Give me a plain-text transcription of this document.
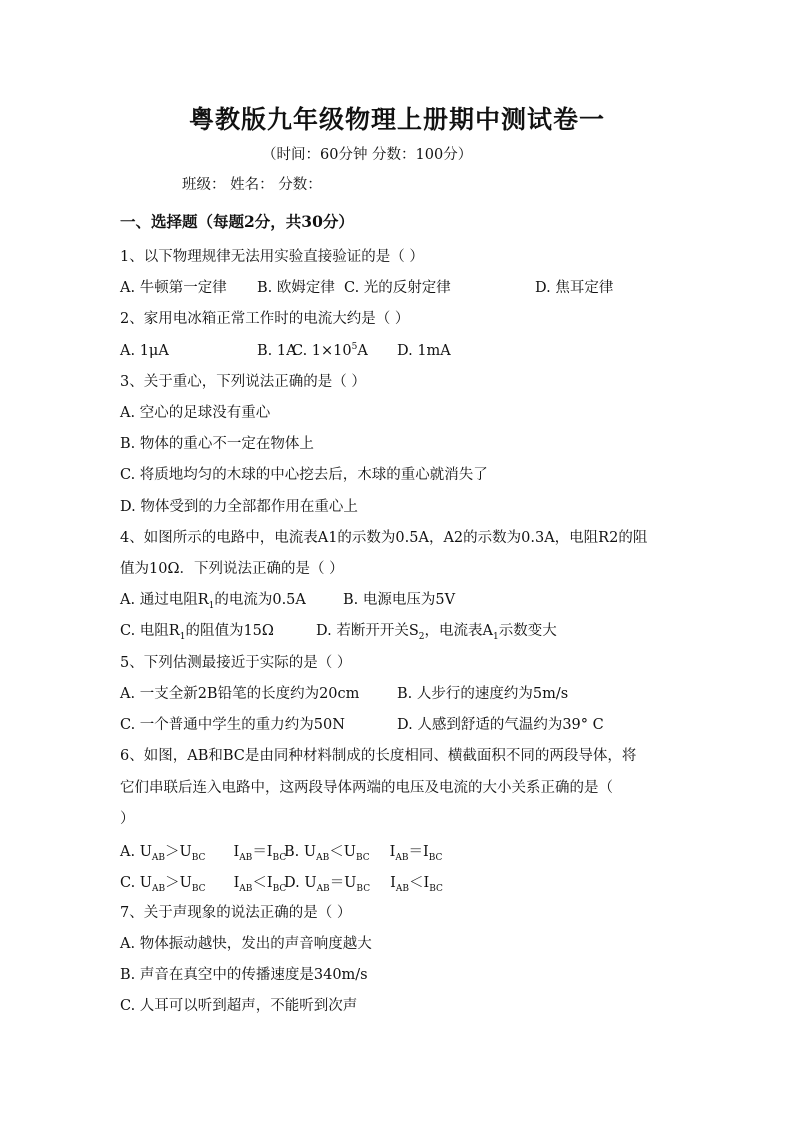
粤教版九年级物理上册期中测试卷一
（时间：60分钟 分数：100分）
班级： 姓名： 分数：
一、选择题（每题2分，共30分）
1、以下物理规律无法用实验直接验证的是（ ）
A. 牛顿第一定律 B. 欧姆定律 C. 光的反射定律	D. 焦耳定律
2、家用电冰箱正常工作时的电流大约是（ ）
A. 1μA	B. 1A
C. $1\times 10^5A$ D. 1mA
3、关于重心，下列说法正确的是（ ）
A. 空心的足球没有重心
B. 物体的重心不一定在物体上
C. 将质地均匀的木球的中心挖去后，木球的重心就消失了
D. 物体受到的力全部都作用在重心上
4、如图所示的电路中，电流表A1的示数为0.5A，A2的示数为0.3A，电阻R2的阻
值为10Ω．下列说法正确的是（ ）
A. 通过电阻$R_1$的电流为0.5A	B. 电源电压为5V
C. 电阻$R_1$的阻值为15Ω	D. 若断开开关$S_2$，电流表$A_1$示数变大
5、下列估测最接近于实际的是（ ）
A. 一支全新2B铅笔的长度约为20cm	B. 人步行的速度约为5m/s
C. 一个普通中学生的重力约为50N	D. 人感到舒适的气温约为39° C
6、如图，AB和BC是由同种材料制成的长度相同、横截面积不同的两段导体，将
它们串联后连入电路中，这两段导体两端的电压及电流的大小关系正确的是（
）
A. $U_{AB}>U_{BC}$ $I_{AB}=I_{BC}$
B. $U_{AB}<U_{BC}$ $I_{AB}=I_{BC}$
C. $U_{AB}>U_{BC}$ $I_{AB}<I_{BC}$
D. $U_{AB}=U_{BC}$ $I_{AB}<I_{BC}$
7、关于声现象的说法正确的是（ ）
A. 物体振动越快，发出的声音响度越大
B. 声音在真空中的传播速度是340m/s
C. 人耳可以听到超声，不能听到次声
